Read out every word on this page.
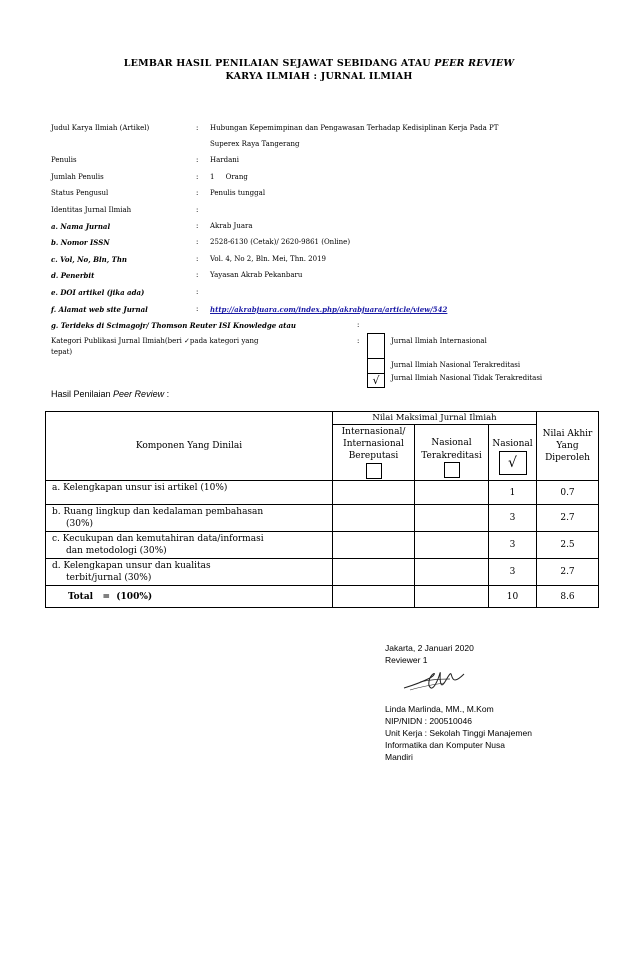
LEMBAR HASIL PENILAIAN SEJAWAT SEBIDANG ATAU PEER REVIEW
KARYA ILMIAH : JURNAL ILMIAH
Judul Karya Ilmiah (Artikel)	: Hubungan Kepemimpinan dan Pengawasan Terhadap Kedisiplinan Kerja Pada PT
Superex Raya Tangerang
Penulis	: Hardani
Jumlah Penulis	: 1     Orang
Status Pengusul	: Penulis tunggal
Identitas Jurnal Ilmiah	:
a. Nama Jurnal	: Akrab Juara
b. Nomor ISSN	: 2528-6130 (Cetak)/ 2620-9861 (Online)
c. Vol, No, Bln, Thn	: Vol. 4, No 2, Bln. Mei, Thn. 2019
d. Penerbit	: Yayasan Akrab Pekanbaru
e. DOI artikel (jika ada)	:
f. Alamat web site Jurnal	: http://akrabjuara.com/index.php/akrabjuara/article/view/542
g. Terideks di Scimagojr/ Thomson Reuter ISI Knowledge atau	:
Kategori Publikasi Jurnal Ilmiah(beri ✓pada kategori yang
tepat)
:
√
Jurnal Ilmiah Internasional
Jurnal Ilmiah Nasional Terakreditasi
Jurnal Ilmiah Nasional Tidak Terakreditasi
Hasil Penilaian Peer Review :
Komponen Yang Dinilai	Nilai Maksimal Jurnal Ilmiah			Nilai Akhir Yang Diperoleh

	Internasional/ Internasional Bereputasi	Nasional Terakreditasi	Nasional
√	

a. Kelengkapan unsur isi artikel (10%)			1	0.7

b. Ruang lingkup dan kedalaman pembahasan
(30%)			3	2.7

c. Kecukupan dan kemutahiran data/informasi
dan metodologi (30%)			3	2.5

d. Kelengkapan unsur dan kualitas
terbit/jurnal (30%)			3	2.7
Total   =  (100%)			10	8.6
Jakarta, 2 Januari 2020
Reviewer 1
Linda Marlinda, MM., M.Kom
NIP/NIDN : 200510046
Unit Kerja : Sekolah Tinggi Manajemen
Informatika dan Komputer Nusa
Mandiri
